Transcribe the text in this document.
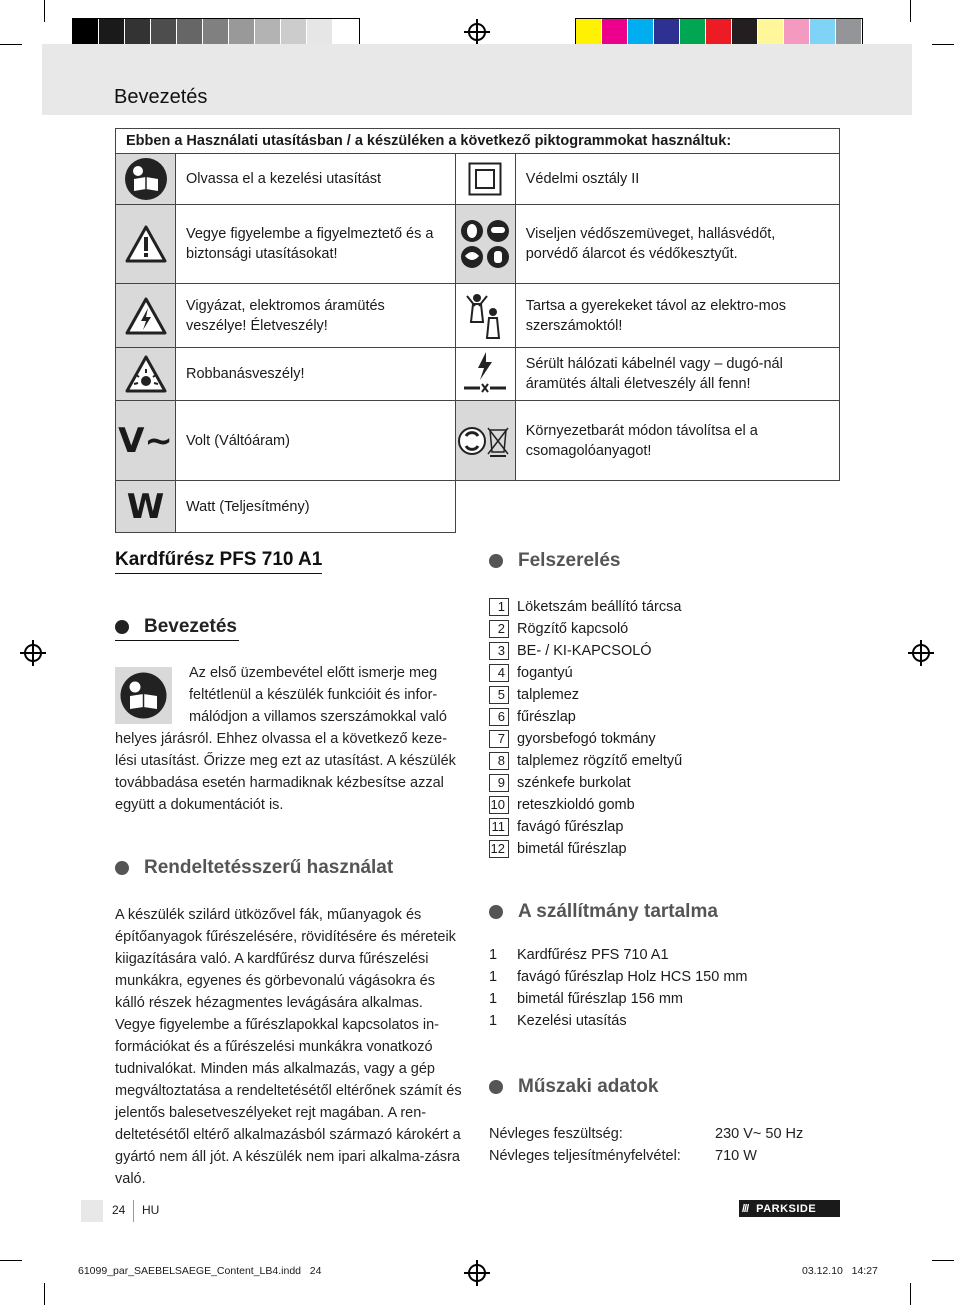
Bevezetés
Ebben a Használati utasításban / a készüléken a következő piktogrammokat használtuk:			

	Olvassa el a kezelési utasítást		Védelmi osztály II

	Vegye figyelembe a figyelmeztető és a biztonsági utasításokat!		Viseljen védőszemüveget, hallásvédőt, porvédő álarcot és védőkesztyűt.

	Vigyázat, elektromos áramütés veszélye! Életveszély!		Tartsa a gyerekeket távol az elektro-mos szerszámoktól!

	Robbanásveszély!		Sérült hálózati kábelnél vagy – dugó-nál áramütés általi életveszély áll fenn!

V~	Volt (Váltóáram)		Környezetbarát módon távolítsa el a csomagolóanyagot!

W	Watt (Teljesítmény)		
Kardfűrész PFS 710 A1
Bevezetés
Az első üzembevétel előtt ismerje meg
feltétlenül a készülék funkcióit és infor-
málódjon a villamos szerszámokkal való
helyes járásról. Ehhez olvassa el a következő keze-lési utasítást. Őrizze meg ezt az utasítást. A készülék továbbadása esetén harmadiknak kézbesítse azzal együtt a dokumentációt is.
Rendeltetésszerű használat
A készülék szilárd ütközővel fák, műanyagok és építőanyagok fűrészelésére, rövidítésére és méreteik kiigazítására való. A kardfűrész durva fűrészelési munkákra, egyenes és görbevonalú vágásokra és kálló részek hézagmentes levágására alkalmas. Vegye figyelembe a fűrészlapokkal kapcsolatos in-formációkat és a fűrészelési munkákra vonatkozó tudnivalókat. Minden más alkalmazás, vagy a gép megváltoztatása a rendeltetésétől eltérőnek számít és jelentős balesetveszélyeket rejt magában. A ren-deltetésétől eltérő alkalmazásból származó károkért a gyártó nem áll jót. A készülék nem ipari alkalma-zásra való.
Felszerelés
1 Löketszám beállító tárcsa
2 Rögzítő kapcsoló
3 BE- / KI-KAPCSOLÓ
4 fogantyú
5 talplemez
6 fűrészlap
7 gyorsbefogó tokmány
8 talplemez rögzítő emeltyű
9 szénkefe burkolat
10 reteszkioldó gomb
11 favágó fűrészlap
12 bimetál fűrészlap
A szállítmány tartalma
1	Kardfűrész PFS 710 A1
1	favágó fűrészlap Holz HCS 150 mm
1	bimetál fűrészlap 156 mm
1	Kezelési utasítás
Műszaki adatok
Névleges feszültség:	230 V~ 50 Hz
Névleges teljesítményfelvétel:	710 W
24 HU	/// PARKSIDE
61099_par_SAEBELSAEGE_Content_LB4.indd   24	03.12.10   14:27
